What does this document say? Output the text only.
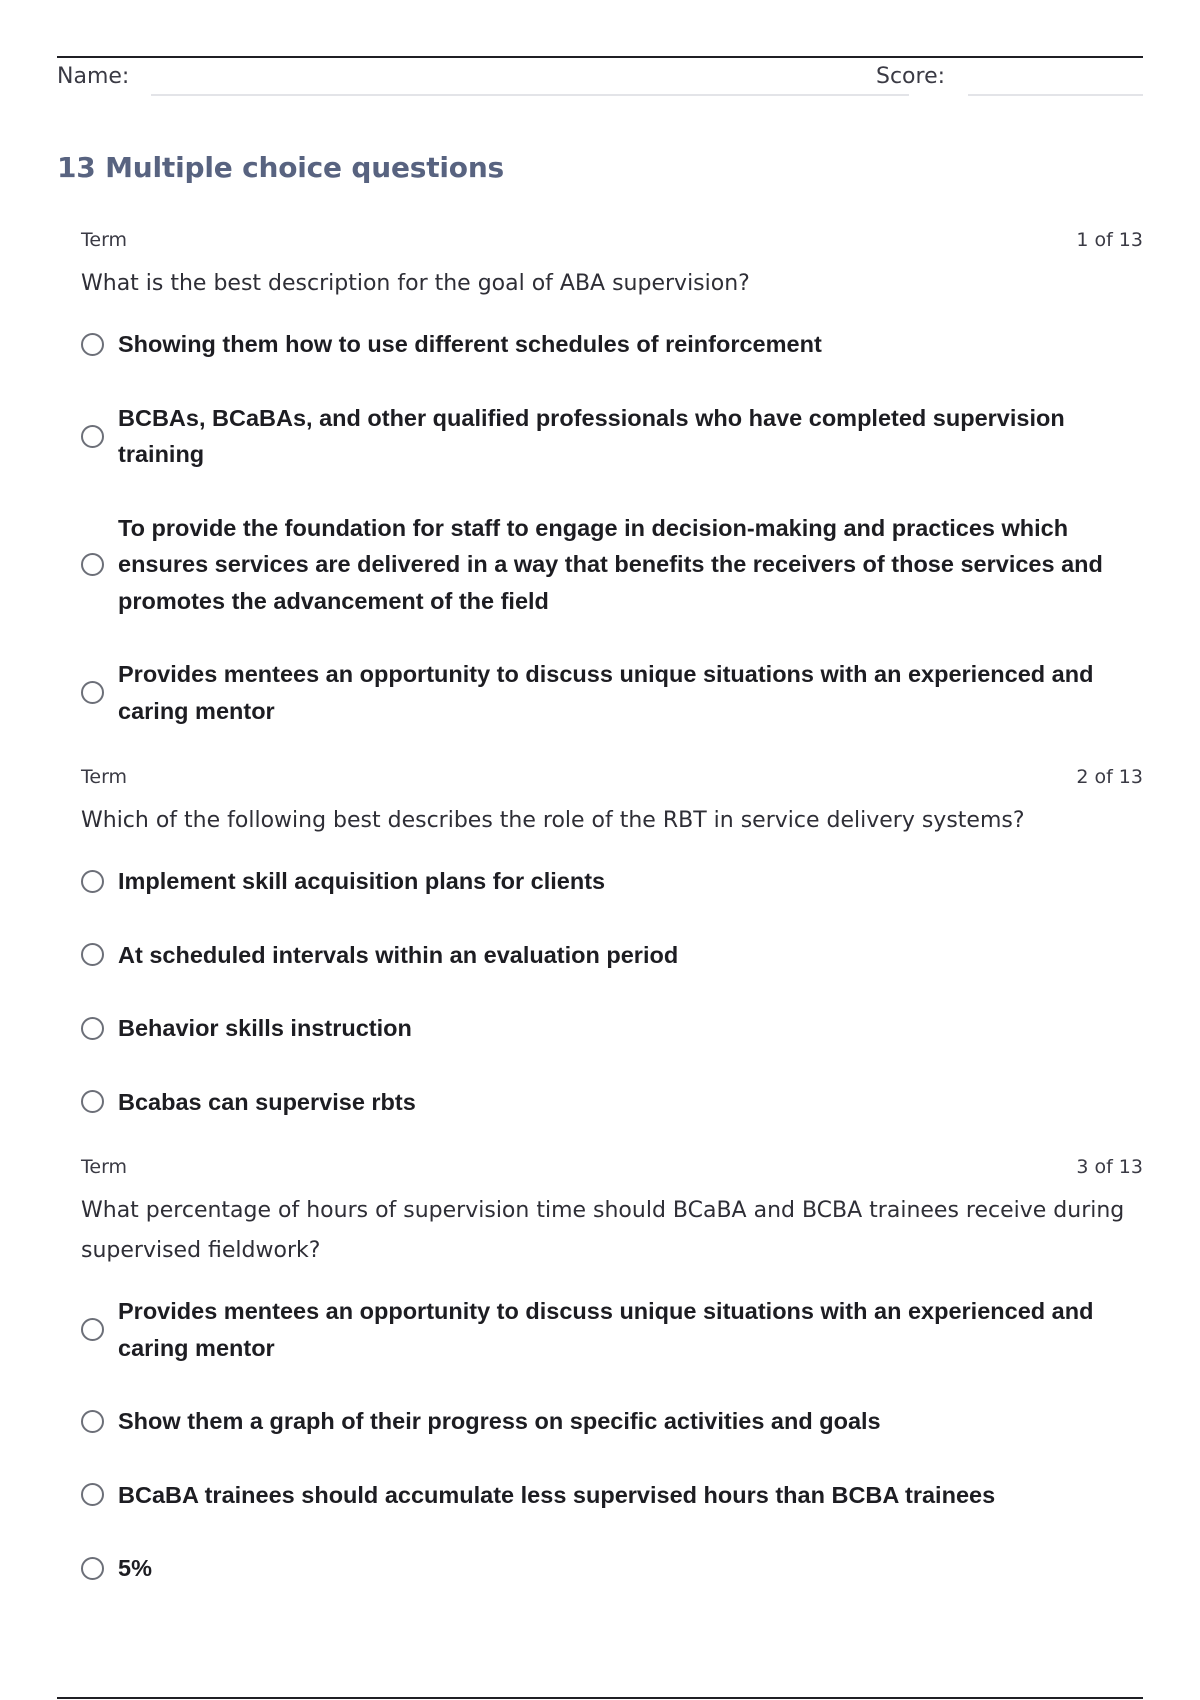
Name:	Score:
13 Multiple choice questions
Term	1 of 13
What is the best description for the goal of ABA supervision?
Showing them how to use different schedules of reinforcement
BCBAs, BCaBAs, and other qualified professionals who have completed supervision training
To provide the foundation for staff to engage in decision-making and practices which ensures services are delivered in a way that benefits the receivers of those services and promotes the advancement of the field
Provides mentees an opportunity to discuss unique situations with an experienced and caring mentor
Term	2 of 13
Which of the following best describes the role of the RBT in service delivery systems?
Implement skill acquisition plans for clients
At scheduled intervals within an evaluation period
Behavior skills instruction
Bcabas can supervise rbts
Term	3 of 13
What percentage of hours of supervision time should BCaBA and BCBA trainees receive during supervised fieldwork?
Provides mentees an opportunity to discuss unique situations with an experienced and caring mentor
Show them a graph of their progress on specific activities and goals
BCaBA trainees should accumulate less supervised hours than BCBA trainees
5%
